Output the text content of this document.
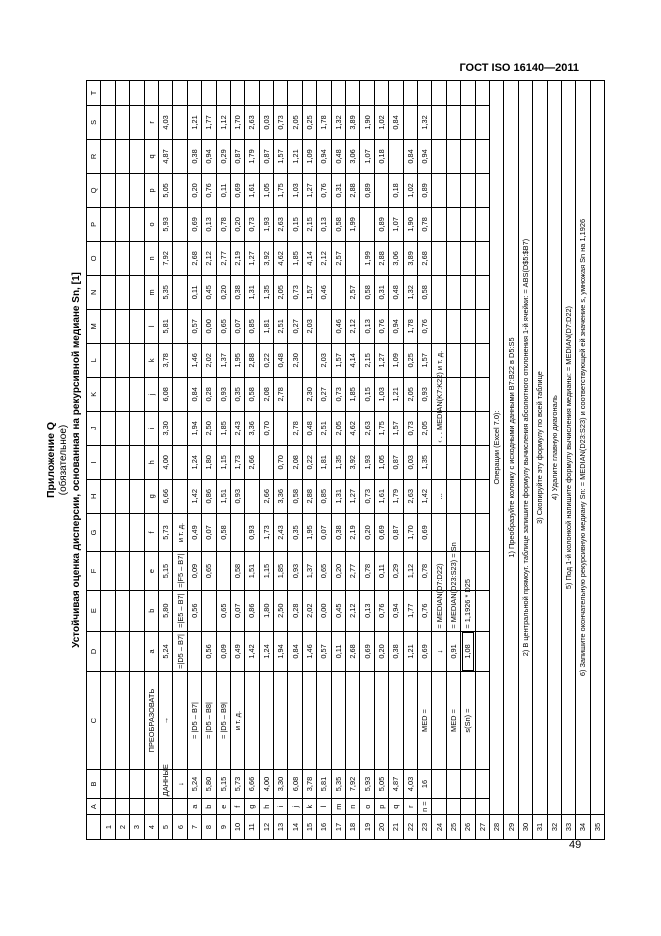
ГОСТ ISO 16140—2011
Приложение Q (обязательное) Устойчивая оценка дисперсии, основанная на рекурсивной медиане Sn, [1]
	A	B	C	D	E	F	G	H	I	J	K	L	M	N	O	P	Q	R	S	T
1																				
2																				
3																				
4			ПРЕОБРАЗОВАТЬ	a	b	e	f	g	h	i	j	k	l	m	n	o	p	q	r	
5		ДАННЫЕ	→	5,24	5,80	5,15	5,73	6,66	4,00	3,30	6,08	3,78	5,81	5,35	7,92	5,93	5,05	4,87	4,03	
6		↓		=|D5 – B7|	=|E5 – B7|	=|F5 – B7|	и т. д.													
7	a	5,24	= |D5 – B7|		0,56	0,09	0,49	1,42	1,24	1,94	0,84	1,46	0,57	0,11	2,68	0,69	0,20	0,38	1,21	
8	b	5,80	= |D5 – B8|	0,56		0,65	0,07	0,86	1,80	2,50	0,28	2,02	0,00	0,45	2,12	0,13	0,76	0,94	1,77	
9	e	5,15	= |D5 – B9|	0,09	0,65		0,58	1,51	1,15	1,85	0,93	1,37	0,65	0,20	2,77	0,78	0,11	0,29	1,12	
10	f	5,73	и т. д.	0,49	0,07	0,58		0,93	1,73	2,43	0,35	1,95	0,07	0,38	2,19	0,20	0,69	0,87	1,70	
11	g	6,66		1,42	0,86	1,51	0,93		2,66	3,36	0,58	2,88	0,85	1,31	1,27	0,73	1,61	1,79	2,63	
12	h	4,00		1,24	1,80	1,15	1,73	2,66		0,70	2,08	0,22	1,81	1,35	3,92	1,93	1,05	0,87	0,03	
13	i	3,30		1,94	2,50	1,85	2,43	3,36	0,70		2,78	0,48	2,51	2,05	4,62	2,63	1,75	1,57	0,73	
14	j	6,08		0,84	0,28	0,93	0,35	0,58	2,08	2,78		2,30	0,27	0,73	1,85	0,15	1,03	1,21	2,05	
15	k	3,78		1,46	2,02	1,37	1,95	2,88	0,22	0,48	2,30		2,03	1,57	4,14	2,15	1,27	1,09	0,25	
16	l	5,81		0,57	0,00	0,65	0,07	0,85	1,81	2,51	0,27	2,03		0,46	2,12	0,13	0,76	0,94	1,78	
17	m	5,35		0,11	0,45	0,20	0,38	1,31	1,35	2,05	0,73	1,57	0,46		2,57	0,58	0,31	0,48	1,32	
18	n	7,92		2,68	2,12	2,77	2,19	1,27	3,92	4,62	1,85	4,14	2,12	2,57		1,99	2,88	3,06	3,89	
19	o	5,93		0,69	0,13	0,78	0,20	0,73	1,93	2,63	0,15	2,15	0,13	0,58	1,99		0,89	1,07	1,90	
20	p	5,05		0,20	0,76	0,11	0,69	1,61	1,05	1,75	1,03	1,27	0,76	0,31	2,88	0,89		0,18	1,02	
21	q	4,87		0,38	0,94	0,29	0,87	1,79	0,87	1,57	1,21	1,09	0,94	0,48	3,06	1,07	0,18		0,84	
22	r	4,03		1,21	1,77	1,12	1,70	2,63	0,03	0,73	2,05	0,25	1,78	1,32	3,89	1,90	1,02	0,84		
23	n =	16	MED =	0,69	0,76	0,78	0,69	1,42	1,35	2,05	0,93	1,57	0,76	0,58	2,68	0,78	0,89	0,94	1,32	
24				↓	= MEDIAN(D7:D22)			...		‹ . . MEDIAN(K7:K22) и т. д.										
25			MED =	0,91	= MEDIAN(D23:S23) = Sn															
26			s(Sn) =	1,08	= 1,1926 * D25															
27																				
28	Операции (Excel 7.0):																			
29	1) Преобразуйте колонку с исходными данными B7:B22 в D5:S5																			
30	2) В центральной прямоуг. таблице запишите формулу вычисления абсолютного отклонения 1-й ячейки: = ABS(D$5:$B7)																			
31	3) Скопируйте эту формулу по всей таблице																			
32	4) Удалите главную диагональ																			
33	5) Под 1-й колонкой напишите формулу вычисления медианы: = MEDIAN(D7:D22)																			
34	6) Запишите окончательную рекурсивную медиану Sn: = MEDIAN(D23:S23) и соответствующей ей значение s, умножая Sn на 1,1926																			
35																				
49
